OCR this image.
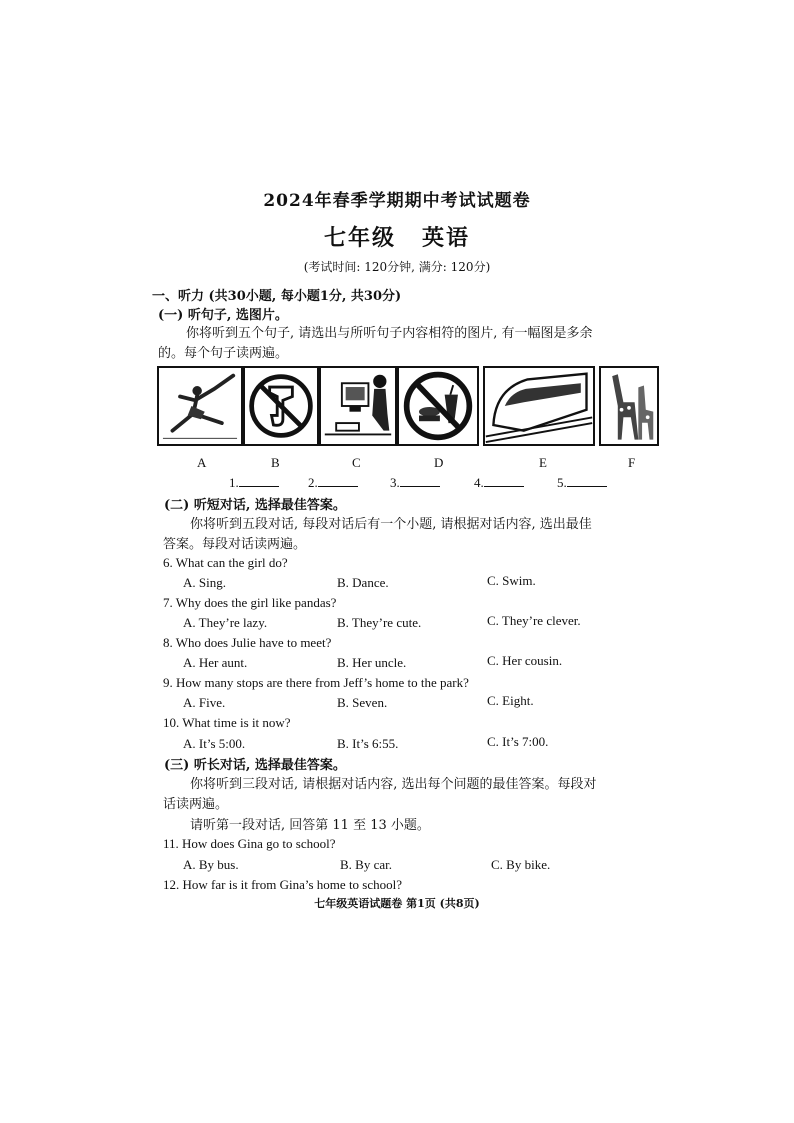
2024年春季学期期中考试试题卷
七年级 英语
(考试时间: 120分钟, 满分: 120分)
一、听力 (共30小题, 每小题1分, 共30分)
(一) 听句子, 选图片。
你将听到五个句子, 请选出与所听句子内容相符的图片, 有一幅图是多余
的。每个句子读两遍。
A	B	C	D	E	F
1.	2.	3.	4.	5.
(二) 听短对话, 选择最佳答案。
你将听到五段对话, 每段对话后有一个小题, 请根据对话内容, 选出最佳
答案。每段对话读两遍。
6. What can the girl do?
A. Sing.	B. Dance.	C. Swim.
7. Why does the girl like pandas?
A. They’re lazy.	B. They’re cute.	C. They’re clever.
8. Who does Julie have to meet?
A. Her aunt.	B. Her uncle.	C. Her cousin.
9. How many stops are there from Jeff’s home to the park?
A. Five.	B. Seven.	C. Eight.
10. What time is it now?
A. It’s 5:00.	B. It’s 6:55.	C. It’s 7:00.
(三) 听长对话, 选择最佳答案。
你将听到三段对话, 请根据对话内容, 选出每个问题的最佳答案。每段对
话读两遍。
请听第一段对话, 回答第 11 至 13 小题。
11. How does Gina go to school?
A. By bus.	B. By car.	C. By bike.
12. How far is it from Gina’s home to school?
七年级英语试题卷 第1页 (共8页)
